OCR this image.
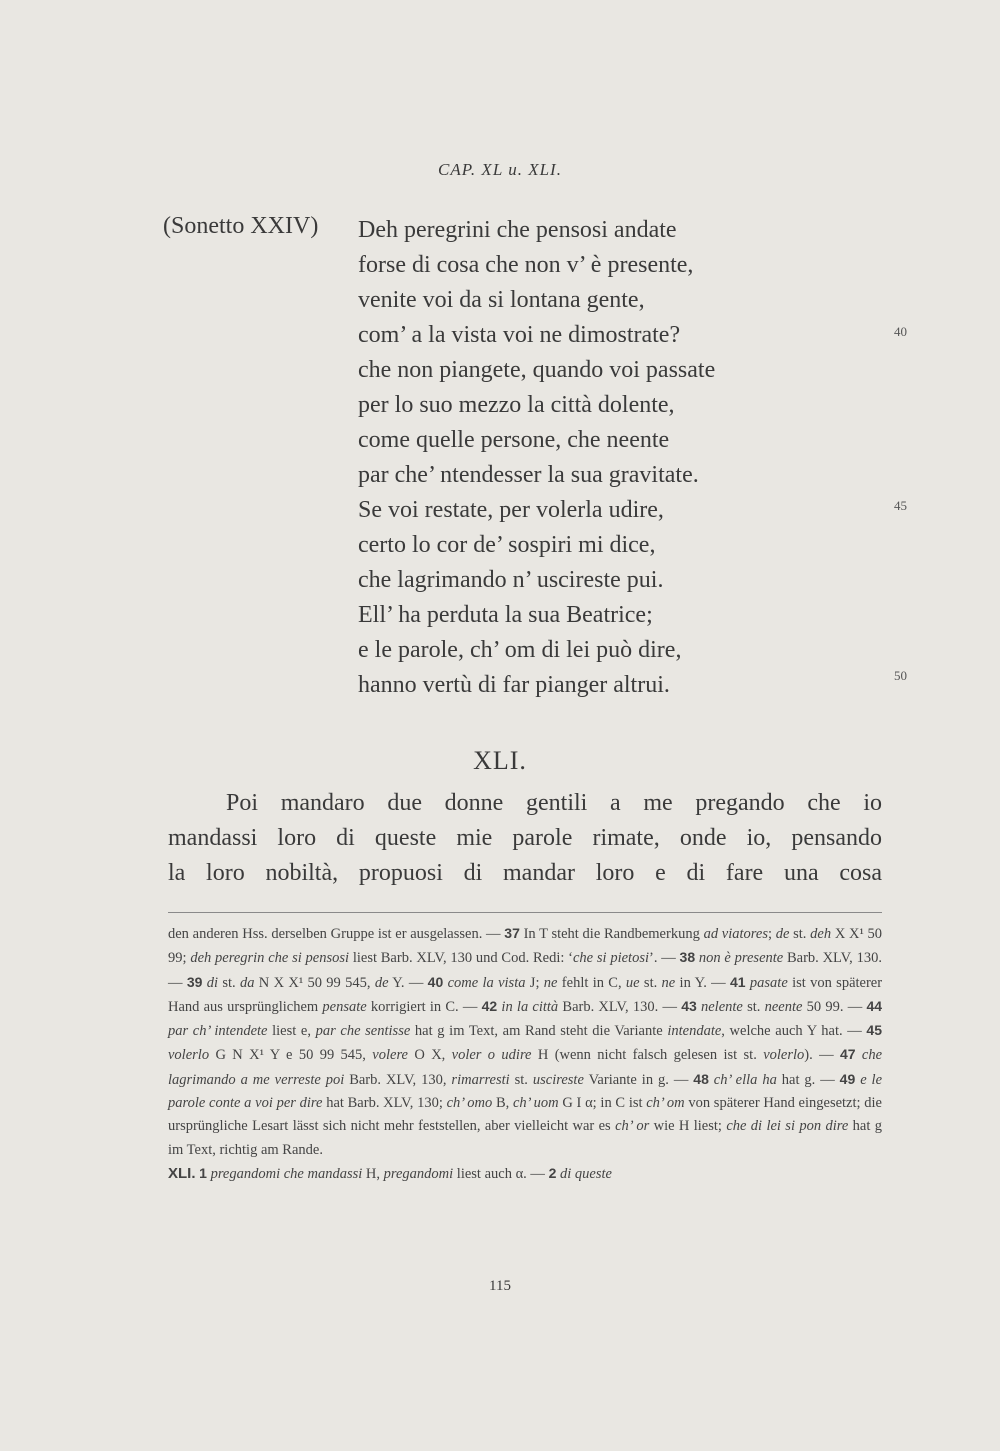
CAP. XL u. XLI.
(Sonetto XXIV) Deh peregrini che pensosi andate
forse di cosa che non v’ è presente,
venite voi da si lontana gente,
com’ a la vista voi ne dimostrate?
che non piangete, quando voi passate
per lo suo mezzo la città dolente,
come quelle persone, che neente
par che’ ntendesser la sua gravitate.
Se voi restate, per volerla udire,
certo lo cor de’ sospiri mi dice,
che lagrimando n’ uscireste pui.
Ell’ ha perduta la sua Beatrice;
e le parole, ch’ om di lei può dire,
hanno vertù di far pianger altrui.
40
45
50
XLI.
Poi mandaro due donne gentili a me pregando che io
mandassi loro di queste mie parole rimate, onde io, pensando
la loro nobiltà, propuosi di mandar loro e di fare una cosa
den anderen Hss. derselben Gruppe ist er ausgelassen. — 37 In T steht die Randbemerkung ad viatores; de st. deh X X¹ 50 99; deh peregrin che si pensosi liest Barb. XLV, 130 und Cod. Redi: ‘che si pietosi’. — 38 non è presente Barb. XLV, 130. — 39 di st. da N X X¹ 50 99 545, de Y. — 40 come la vista J; ne fehlt in C, ue st. ne in Y. — 41 pasate ist von späterer Hand aus ursprünglichem pensate korrigiert in C. — 42 in la città Barb. XLV, 130. — 43 nelente st. neente 50 99. — 44 par ch’ intendete liest e, par che sentisse hat g im Text, am Rand steht die Variante intendate, welche auch Y hat. — 45 volerlo G N X¹ Y e 50 99 545, volere O X, voler o udire H (wenn nicht falsch gelesen ist st. volerlo). — 47 che lagrimando a me verreste poi Barb. XLV, 130, rimarresti st. uscireste Variante in g. — 48 ch’ ella ha hat g. — 49 e le parole conte a voi per dire hat Barb. XLV, 130; ch’ omo B, ch’ uom G I α; in C ist ch’ om von späterer Hand eingesetzt; die ursprüngliche Lesart lässt sich nicht mehr feststellen, aber vielleicht war es ch’ or wie H liest; che di lei si pon dire hat g im Text, richtig am Rande.
XLI. 1 pregandomi che mandassi H, pregandomi liest auch α. — 2 di queste
115
